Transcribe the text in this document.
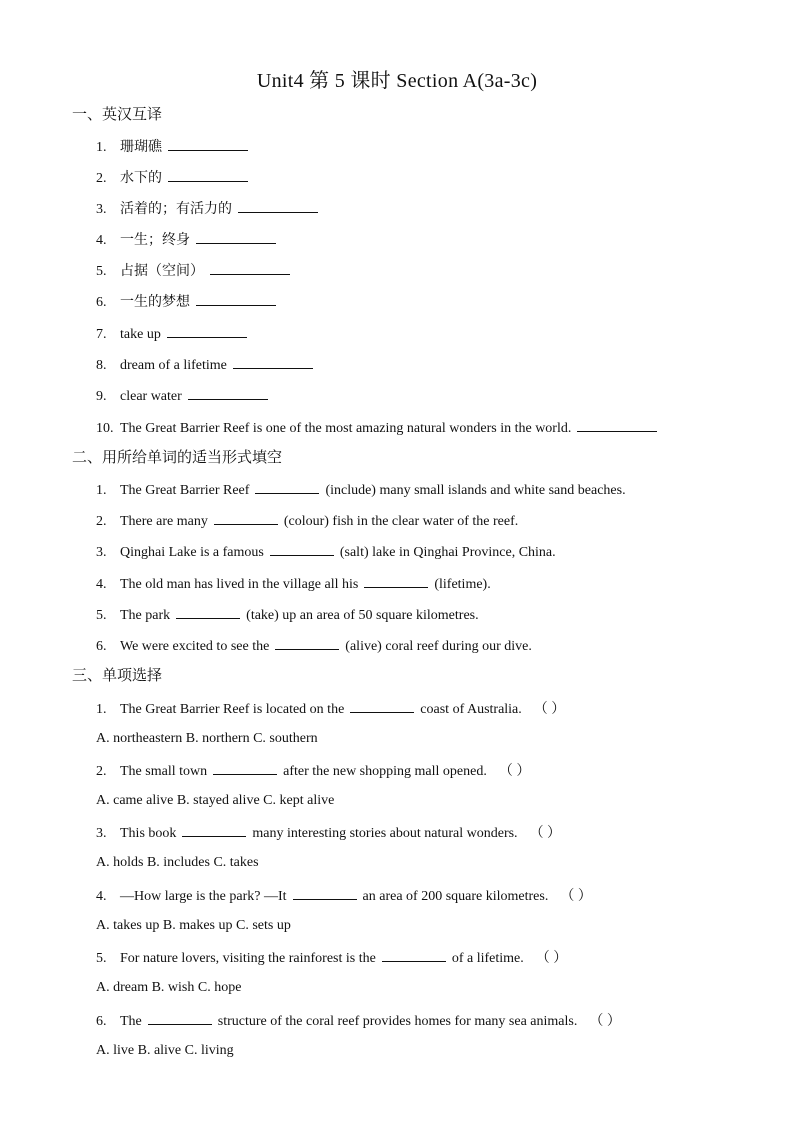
Unit4 第 5 课时 Section A(3a-3c)
一、英汉互译
1. 珊瑚礁
2. 水下的
3. 活着的；有活力的
4. 一生；终身
5. 占据（空间）
6. 一生的梦想
7. take up
8. dream of a lifetime
9. clear water
10. The Great Barrier Reef is one of the most amazing natural wonders in the world.
二、用所给单词的适当形式填空
1. The Great Barrier Reef	(include) many small islands and white sand beaches.
2. There are many	(colour) fish in the clear water of the reef.
3. Qinghai Lake is a famous	(salt) lake in Qinghai Province, China.
4. The old man has lived in the village all his	(lifetime).
5. The park	(take) up an area of 50 square kilometres.
6. We were excited to see the	(alive) coral reef during our dive.
三、单项选择
1. The Great Barrier Reef is located on the	coast of Australia. （ ）
A. northeastern B. northern C. southern
2. The small town	after the new shopping mall opened. （ ）
A. came alive B. stayed alive C. kept alive
3. This book	many interesting stories about natural wonders. （ ）
A. holds B. includes C. takes
4. —How large is the park? —It	an area of 200 square kilometres. （ ）
A. takes up B. makes up C. sets up
5. For nature lovers, visiting the rainforest is the	of a lifetime. （ ）
A. dream B. wish C. hope
6. The	structure of the coral reef provides homes for many sea animals. （ ）
A. live B. alive C. living
